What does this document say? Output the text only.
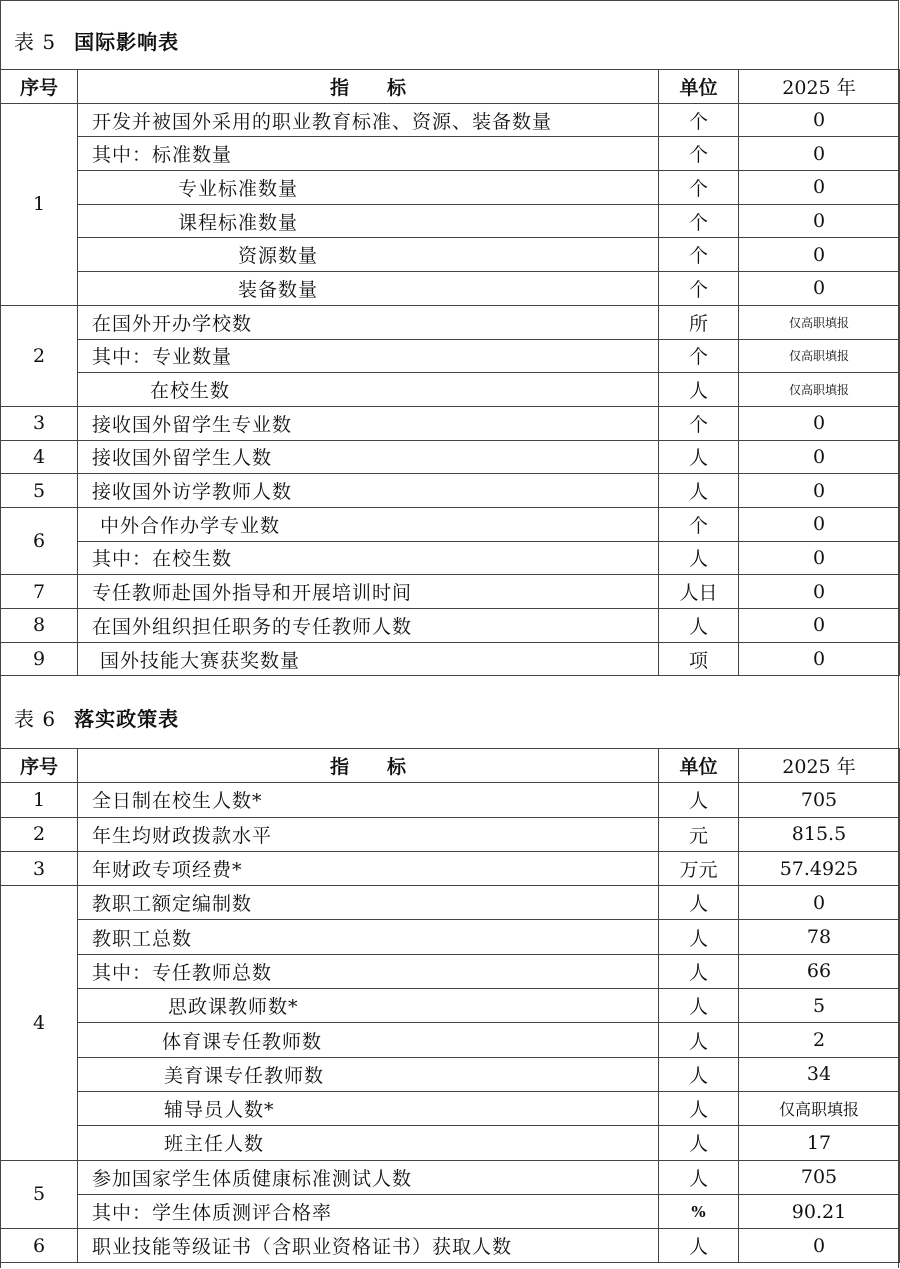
表 5 国际影响表
序号	指　　标	单位	2025 年
1	开发并被国外采用的职业教育标准、资源、装备数量	个	0
	其中：标准数量	个	0
	专业标准数量	个	0
	课程标准数量	个	0
	资源数量	个	0
	装备数量	个	0
2	在国外开办学校数	所	仅高职填报
	其中：专业数量	个	仅高职填报
	在校生数	人	仅高职填报
3	接收国外留学生专业数	个	0
4	接收国外留学生人数	人	0
5	接收国外访学教师人数	人	0
6	中外合作办学专业数	个	0
	其中：在校生数	人	0
7	专任教师赴国外指导和开展培训时间	人日	0
8	在国外组织担任职务的专任教师人数	人	0
9	国外技能大赛获奖数量	项	0
表 6 落实政策表
序号	指　　标	单位	2025 年
1	全日制在校生人数*	人	705
2	年生均财政拨款水平	元	815.5
3	年财政专项经费*	万元	57.4925
4	教职工额定编制数	人	0
	教职工总数	人	78
	其中：专任教师总数	人	66
	思政课教师数*	人	5
	体育课专任教师数	人	2
	美育课专任教师数	人	34
	辅导员人数*	人	仅高职填报
	班主任人数	人	17
5	参加国家学生体质健康标准测试人数	人	705
	其中：学生体质测评合格率	%	90.21
6	职业技能等级证书（含职业资格证书）获取人数	人	0
